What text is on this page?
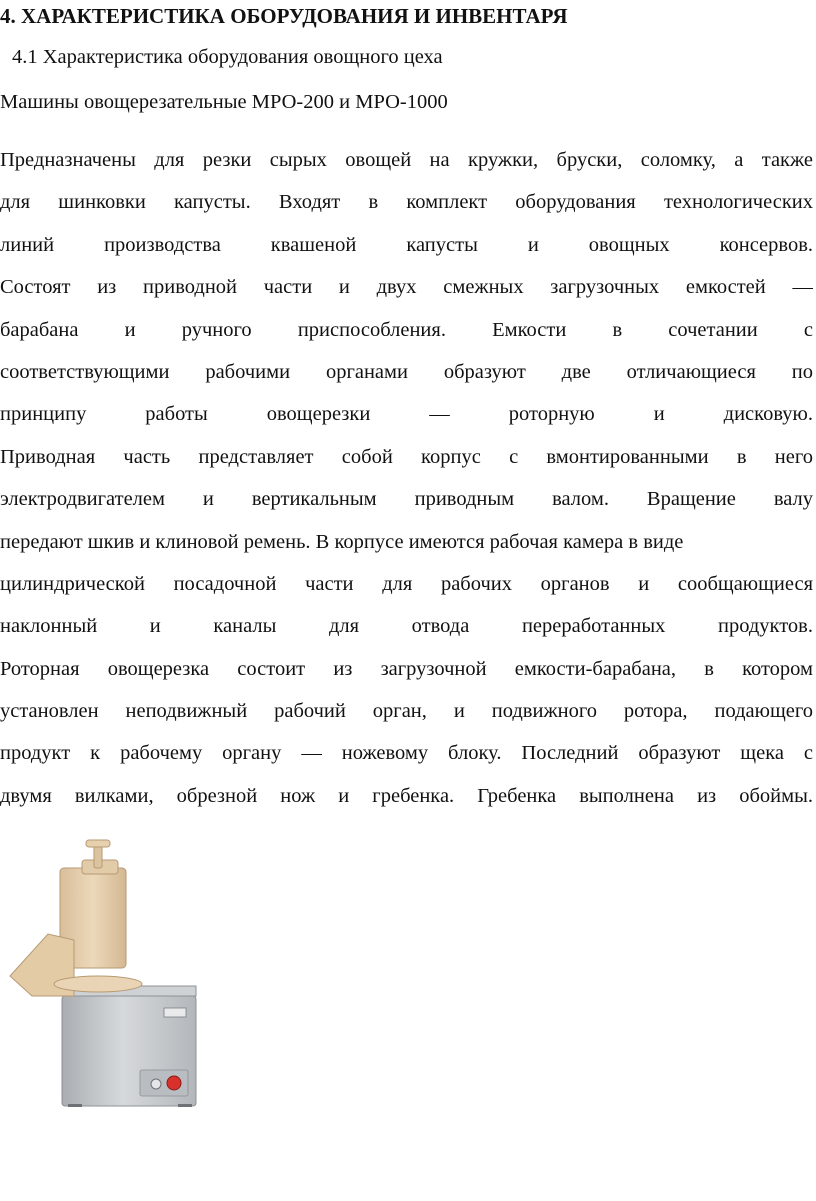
4. ХАРАКТЕРИСТИКА ОБОРУДОВАНИЯ И ИНВЕНТАРЯ
4.1 Характеристика оборудования овощного цеха
Машины овощерезательные МРО-200 и МРО-1000
Предназначены для резки сырых овощей на кружки, бруски, соломку, а также
для шинковки капусты. Входят в комплект оборудования технологических
линий производства квашеной капусты и овощных консервов.
Состоят из приводной части и двух смежных загрузочных емкостей —
барабана и ручного приспособления. Емкости в сочетании с
соответствующими рабочими органами образуют две отличающиеся по
принципу работы овощерезки — роторную и дисковую.
Приводная часть представляет собой корпус с вмонтированными в него
электродвигателем и вертикальным приводным валом. Вращение валу
передают шкив и клиновой ремень. В корпусе имеются рабочая камера в виде
цилиндрической посадочной части для рабочих органов и сообщающиеся
наклонный и каналы для отвода переработанных продуктов.
Роторная овощерезка состоит из загрузочной емкости-барабана, в котором
установлен неподвижный рабочий орган, и подвижного ротора, подающего
продукт к рабочему органу — ножевому блоку. Последний образуют щека с
двумя вилками, обрезной нож и гребенка. Гребенка выполнена из обоймы.
